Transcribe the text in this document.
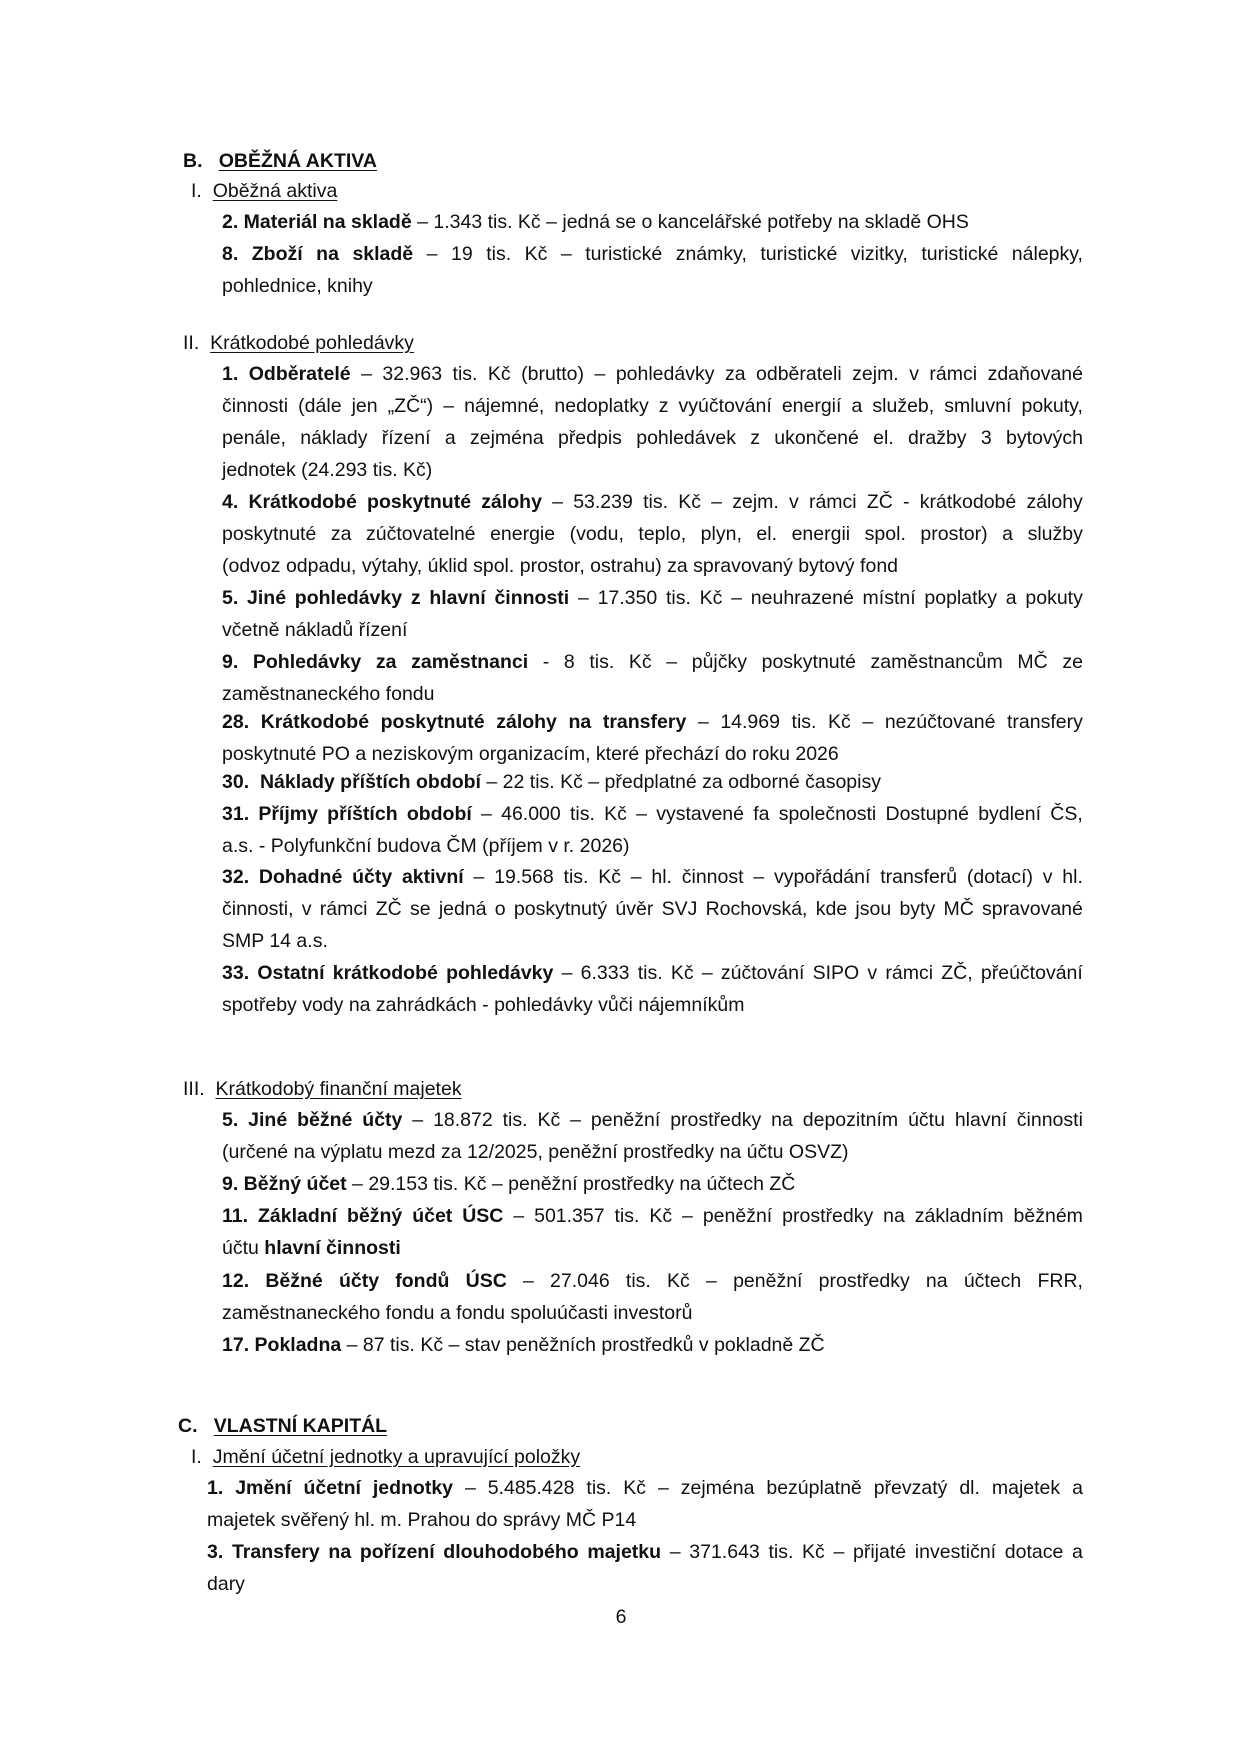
B. OBĚŽNÁ AKTIVA
I. Oběžná aktiva
2. Materiál na skladě – 1.343 tis. Kč – jedná se o kancelářské potřeby na skladě OHS
8. Zboží na skladě – 19 tis. Kč – turistické známky, turistické vizitky, turistické nálepky,
pohlednice, knihy
II. Krátkodobé pohledávky
1. Odběratelé – 32.963 tis. Kč (brutto) – pohledávky za odběrateli zejm. v rámci zdaňované
činnosti (dále jen „ZČ“) – nájemné, nedoplatky z vyúčtování energií a služeb, smluvní pokuty,
penále, náklady řízení a zejména předpis pohledávek z ukončené el. dražby 3 bytových
jednotek (24.293 tis. Kč)
4. Krátkodobé poskytnuté zálohy – 53.239 tis. Kč – zejm. v rámci ZČ - krátkodobé zálohy
poskytnuté za zúčtovatelné energie (vodu, teplo, plyn, el. energii spol. prostor) a služby
(odvoz odpadu, výtahy, úklid spol. prostor, ostrahu) za spravovaný bytový fond
5. Jiné pohledávky z hlavní činnosti – 17.350 tis. Kč – neuhrazené místní poplatky a pokuty
včetně nákladů řízení
9. Pohledávky za zaměstnanci - 8 tis. Kč – půjčky poskytnuté zaměstnancům MČ ze
zaměstnaneckého fondu
28. Krátkodobé poskytnuté zálohy na transfery – 14.969 tis. Kč – nezúčtované transfery
poskytnuté PO a neziskovým organizacím, které přechází do roku 2026
30.  Náklady příštích období – 22 tis. Kč – předplatné za odborné časopisy
31. Příjmy příštích období – 46.000 tis. Kč – vystavené fa společnosti Dostupné bydlení ČS,
a.s. - Polyfunkční budova ČM (příjem v r. 2026)
32. Dohadné účty aktivní – 19.568 tis. Kč – hl. činnost – vypořádání transferů (dotací) v hl.
činnosti, v rámci ZČ se jedná o poskytnutý úvěr SVJ Rochovská, kde jsou byty MČ spravované
SMP 14 a.s.
33. Ostatní krátkodobé pohledávky – 6.333 tis. Kč – zúčtování SIPO v rámci ZČ, přeúčtování
spotřeby vody na zahrádkách - pohledávky vůči nájemníkům
III. Krátkodobý finanční majetek
5. Jiné běžné účty – 18.872 tis. Kč – peněžní prostředky na depozitním účtu hlavní činnosti
(určené na výplatu mezd za 12/2025, peněžní prostředky na účtu OSVZ)
9. Běžný účet – 29.153 tis. Kč – peněžní prostředky na účtech ZČ
11. Základní běžný účet ÚSC – 501.357 tis. Kč – peněžní prostředky na základním běžném
účtu hlavní činnosti
12. Běžné účty fondů ÚSC – 27.046 tis. Kč – peněžní prostředky na účtech FRR,
zaměstnaneckého fondu a fondu spoluúčasti investorů
17. Pokladna – 87 tis. Kč – stav peněžních prostředků v pokladně ZČ
C. VLASTNÍ KAPITÁL
I. Jmění účetní jednotky a upravující položky
1. Jmění účetní jednotky – 5.485.428 tis. Kč – zejména bezúplatně převzatý dl. majetek a
majetek svěřený hl. m. Prahou do správy MČ P14
3. Transfery na pořízení dlouhodobého majetku – 371.643 tis. Kč – přijaté investiční dotace a
dary
6
